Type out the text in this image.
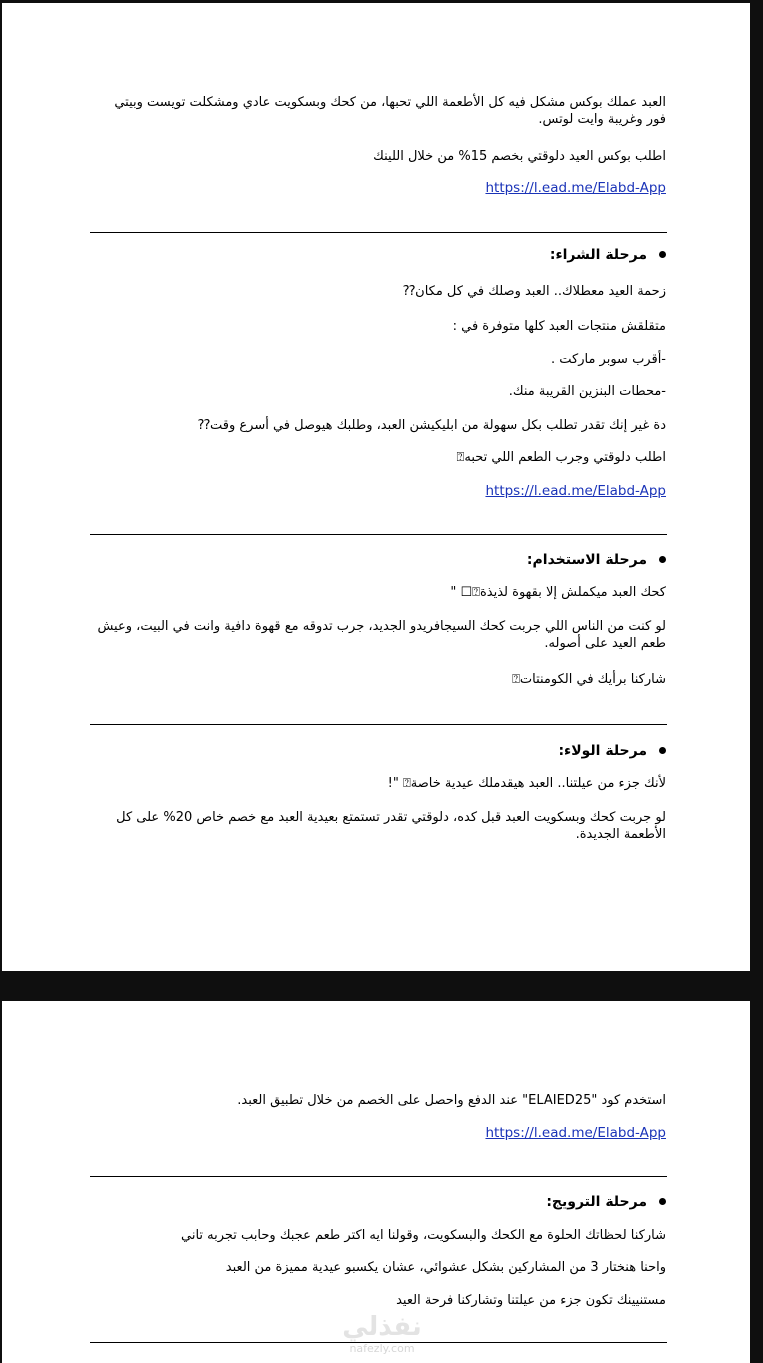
العبد عملك بوكس مشكل فيه كل الأطعمة اللي تحبها، من كحك وبسكويت عادي ومشكلت تويست وبيتي

فور وغريبة وايت لوتس.

اطلب بوكس العيد دلوقتي بخصم 15% من خلال اللينك

https://l.ead.me/Elabd-App

مرحلة الشراء:

زحمة العيد معطلاك.. العبد وصلك في كل مكان⁇

متقلقش منتجات العبد كلها متوفرة في :

-أقرب سوبر ماركت .

-محطات البنزين القريبة منك.

دة غير إنك تقدر تطلب بكل سهولة من ابليكيشن العبد، وطلبك هيوصل في أسرع وقت⁇

اطلب دلوقتي وجرب الطعم اللي تحبه⍰

https://l.ead.me/Elabd-App

مرحلة الاستخدام:

كحك العبد ميكملش إلا بقهوة لذيذة⍰☐ "

لو كنت من الناس اللي جربت كحك السيجافريدو الجديد، جرب تدوقه مع قهوة دافية وانت في البيت، وعيش

طعم العيد على أصوله.

شاركنا برأيك في الكومنتات⍰

مرحلة الولاء:

لأنك جزء من عيلتنا.. العبد هيقدملك عيدية خاصة⍰ "!

لو جربت كحك وبسكويت العبد قبل كده، دلوقتي تقدر تستمتع بعيدية العبد مع خصم خاص 20% على كل

الأطعمة الجديدة.

استخدم كود "ELAIED25" عند الدفع واحصل على الخصم من خلال تطبيق العبد.

https://l.ead.me/Elabd-App

مرحلة الترويج:

شاركنا لحظاتك الحلوة مع الكحك والبسكويت، وقولنا ايه اكتر طعم عجبك وحابب تجربه تاني

واحنا هنختار 3 من المشاركين بشكل عشوائي، عشان يكسبو عيدية مميزة من العبد

مستنيينك تكون جزء من عيلتنا وتشاركنا فرحة العيد

نفذلي
nafezly.com
